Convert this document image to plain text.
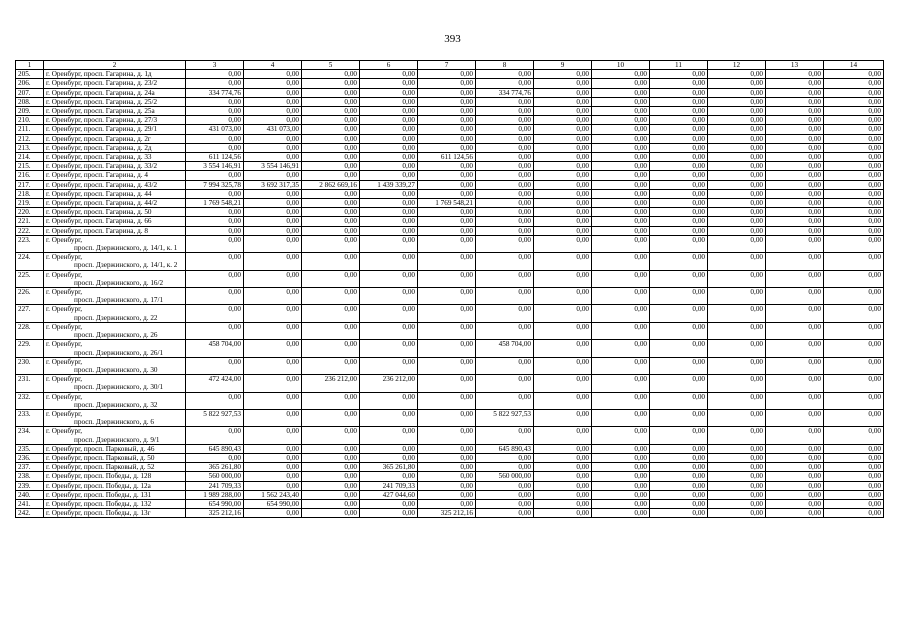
393
1	2	3	4	5	6	7	8	9	10	11	12	13	14
205.	г. Оренбург, просп. Гагарина, д. 1д	0,00	0,00	0,00	0,00	0,00	0,00	0,00	0,00	0,00	0,00	0,00	0,00
206.	г. Оренбург, просп. Гагарина, д. 23/2	0,00	0,00	0,00	0,00	0,00	0,00	0,00	0,00	0,00	0,00	0,00	0,00
207.	г. Оренбург, просп. Гагарина, д. 24а	334 774,76	0,00	0,00	0,00	0,00	334 774,76	0,00	0,00	0,00	0,00	0,00	0,00
208.	г. Оренбург, просп. Гагарина, д. 25/2	0,00	0,00	0,00	0,00	0,00	0,00	0,00	0,00	0,00	0,00	0,00	0,00
209.	г. Оренбург, просп. Гагарина, д. 25а	0,00	0,00	0,00	0,00	0,00	0,00	0,00	0,00	0,00	0,00	0,00	0,00
210.	г. Оренбург, просп. Гагарина, д. 27/3	0,00	0,00	0,00	0,00	0,00	0,00	0,00	0,00	0,00	0,00	0,00	0,00
211.	г. Оренбург, просп. Гагарина, д. 29/1	431 073,00	431 073,00	0,00	0,00	0,00	0,00	0,00	0,00	0,00	0,00	0,00	0,00
212.	г. Оренбург, просп. Гагарина, д. 2г	0,00	0,00	0,00	0,00	0,00	0,00	0,00	0,00	0,00	0,00	0,00	0,00
213.	г. Оренбург, просп. Гагарина, д. 2д	0,00	0,00	0,00	0,00	0,00	0,00	0,00	0,00	0,00	0,00	0,00	0,00
214.	г. Оренбург, просп. Гагарина, д. 33	611 124,56	0,00	0,00	0,00	611 124,56	0,00	0,00	0,00	0,00	0,00	0,00	0,00
215.	г. Оренбург, просп. Гагарина, д. 33/2	3 554 146,91	3 554 146,91	0,00	0,00	0,00	0,00	0,00	0,00	0,00	0,00	0,00	0,00
216.	г. Оренбург, просп. Гагарина, д. 4	0,00	0,00	0,00	0,00	0,00	0,00	0,00	0,00	0,00	0,00	0,00	0,00
217.	г. Оренбург, просп. Гагарина, д. 43/2	7 994 325,78	3 692 317,35	2 862 669,16	1 439 339,27	0,00	0,00	0,00	0,00	0,00	0,00	0,00	0,00
218.	г. Оренбург, просп. Гагарина, д. 44	0,00	0,00	0,00	0,00	0,00	0,00	0,00	0,00	0,00	0,00	0,00	0,00
219.	г. Оренбург, просп. Гагарина, д. 44/2	1 769 548,21	0,00	0,00	0,00	1 769 548,21	0,00	0,00	0,00	0,00	0,00	0,00	0,00
220.	г. Оренбург, просп. Гагарина, д. 50	0,00	0,00	0,00	0,00	0,00	0,00	0,00	0,00	0,00	0,00	0,00	0,00
221.	г. Оренбург, просп. Гагарина, д. 66	0,00	0,00	0,00	0,00	0,00	0,00	0,00	0,00	0,00	0,00	0,00	0,00
222.	г. Оренбург, просп. Гагарина, д. 8	0,00	0,00	0,00	0,00	0,00	0,00	0,00	0,00	0,00	0,00	0,00	0,00
223.	г. Оренбург,
просп. Дзержинского, д. 14/1, к. 1	0,00	0,00	0,00	0,00	0,00	0,00	0,00	0,00	0,00	0,00	0,00	0,00
224.	г. Оренбург,
просп. Дзержинского, д. 14/1, к. 2	0,00	0,00	0,00	0,00	0,00	0,00	0,00	0,00	0,00	0,00	0,00	0,00
225.	г. Оренбург,
просп. Дзержинского, д. 16/2	0,00	0,00	0,00	0,00	0,00	0,00	0,00	0,00	0,00	0,00	0,00	0,00
226.	г. Оренбург,
просп. Дзержинского, д. 17/1	0,00	0,00	0,00	0,00	0,00	0,00	0,00	0,00	0,00	0,00	0,00	0,00
227.	г. Оренбург,
просп. Дзержинского, д. 22	0,00	0,00	0,00	0,00	0,00	0,00	0,00	0,00	0,00	0,00	0,00	0,00
228.	г. Оренбург,
просп. Дзержинского, д. 26	0,00	0,00	0,00	0,00	0,00	0,00	0,00	0,00	0,00	0,00	0,00	0,00
229.	г. Оренбург,
просп. Дзержинского, д. 26/1	458 704,00	0,00	0,00	0,00	0,00	458 704,00	0,00	0,00	0,00	0,00	0,00	0,00
230.	г. Оренбург,
просп. Дзержинского, д. 30	0,00	0,00	0,00	0,00	0,00	0,00	0,00	0,00	0,00	0,00	0,00	0,00
231.	г. Оренбург,
просп. Дзержинского, д. 30/1	472 424,00	0,00	236 212,00	236 212,00	0,00	0,00	0,00	0,00	0,00	0,00	0,00	0,00
232.	г. Оренбург,
просп. Дзержинского, д. 32	0,00	0,00	0,00	0,00	0,00	0,00	0,00	0,00	0,00	0,00	0,00	0,00
233.	г. Оренбург,
просп. Дзержинского, д. 6	5 822 927,53	0,00	0,00	0,00	0,00	5 822 927,53	0,00	0,00	0,00	0,00	0,00	0,00
234.	г. Оренбург,
просп. Дзержинского, д. 9/1	0,00	0,00	0,00	0,00	0,00	0,00	0,00	0,00	0,00	0,00	0,00	0,00
235.	г. Оренбург, просп. Парковый, д. 46	645 890,43	0,00	0,00	0,00	0,00	645 890,43	0,00	0,00	0,00	0,00	0,00	0,00
236.	г. Оренбург, просп. Парковый, д. 50	0,00	0,00	0,00	0,00	0,00	0,00	0,00	0,00	0,00	0,00	0,00	0,00
237.	г. Оренбург, просп. Парковый, д. 52	365 261,80	0,00	0,00	365 261,80	0,00	0,00	0,00	0,00	0,00	0,00	0,00	0,00
238.	г. Оренбург, просп. Победы, д. 128	560 000,00	0,00	0,00	0,00	0,00	560 000,00	0,00	0,00	0,00	0,00	0,00	0,00
239.	г. Оренбург, просп. Победы, д. 12а	241 709,33	0,00	0,00	241 709,33	0,00	0,00	0,00	0,00	0,00	0,00	0,00	0,00
240.	г. Оренбург, просп. Победы, д. 131	1 989 288,00	1 562 243,40	0,00	427 044,60	0,00	0,00	0,00	0,00	0,00	0,00	0,00	0,00
241.	г. Оренбург, просп. Победы, д. 132	654 990,00	654 990,00	0,00	0,00	0,00	0,00	0,00	0,00	0,00	0,00	0,00	0,00
242.	г. Оренбург, просп. Победы, д. 13г	325 212,16	0,00	0,00	0,00	325 212,16	0,00	0,00	0,00	0,00	0,00	0,00	0,00
